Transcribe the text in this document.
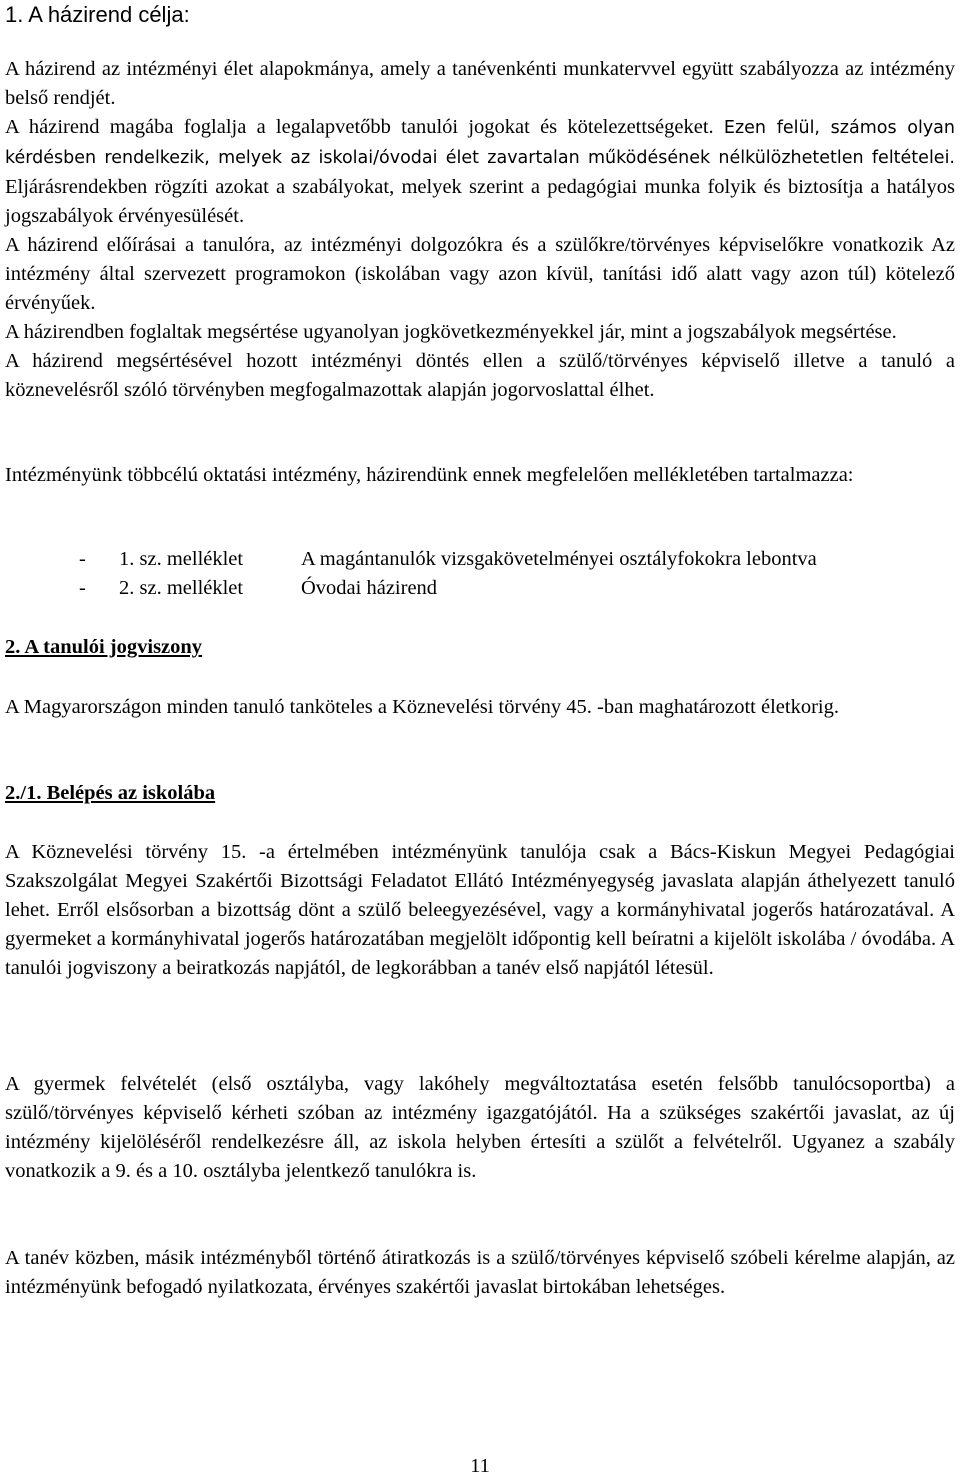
1. A házirend célja:

A házirend az intézményi élet alapokmánya, amely a tanévenkénti munkatervvel együtt szabályozza az intézmény belső rendjét.

A házirend magába foglalja a legalapvetőbb tanulói jogokat és kötelezettségeket. Ezen felül, számos olyan kérdésben rendelkezik, melyek az iskolai/óvodai élet zavartalan működésének nélkülözhetetlen feltételei. Eljárásrendekben rögzíti azokat a szabályokat, melyek szerint a pedagógiai munka folyik és biztosítja a hatályos jogszabályok érvényesülését.

A házirend előírásai a tanulóra, az intézményi dolgozókra és a szülőkre/törvényes képviselőkre vonatkozik Az intézmény által szervezett programokon (iskolában vagy azon kívül, tanítási idő alatt vagy azon túl) kötelező érvényűek.

A házirendben foglaltak megsértése ugyanolyan jogkövetkezményekkel jár, mint a jogszabályok megsértése.

A házirend megsértésével hozott intézményi döntés ellen a szülő/törvényes képviselő illetve a tanuló a köznevelésről szóló törvényben megfogalmazottak alapján jogorvoslattal élhet.

Intézményünk többcélú oktatási intézmény, házirendünk ennek megfelelően mellékletében tartalmazza:

- 1. sz. melléklet	A magántanulók vizsgakövetelményei osztályfokokra lebontva
- 2. sz. melléklet	Óvodai házirend
2. A tanulói jogviszony

A Magyarországon minden tanuló tanköteles a Köznevelési törvény 45. -ban maghatározott életkorig.

2./1. Belépés az iskolába

A Köznevelési törvény 15. -a értelmében intézményünk tanulója csak a Bács-Kiskun Megyei Pedagógiai Szakszolgálat Megyei Szakértői Bizottsági Feladatot Ellátó Intézményegység javaslata alapján áthelyezett tanuló lehet. Erről elsősorban a bizottság dönt a szülő beleegyezésével, vagy a kormányhivatal jogerős határozatával. A gyermeket a kormányhivatal jogerős határozatában megjelölt időpontig kell beíratni a kijelölt iskolába / óvodába. A tanulói jogviszony a beiratkozás napjától, de legkorábban a tanév első napjától létesül.

A gyermek felvételét (első osztályba, vagy lakóhely megváltoztatása esetén felsőbb tanulócsoportba) a szülő/törvényes képviselő kérheti szóban az intézmény igazgatójától. Ha a szükséges szakértői javaslat, az új intézmény kijelöléséről rendelkezésre áll, az iskola helyben értesíti a szülőt a felvételről. Ugyanez a szabály vonatkozik a 9. és a 10. osztályba jelentkező tanulókra is.

A tanév közben, másik intézményből történő átiratkozás is a szülő/törvényes képviselő szóbeli kérelme alapján, az intézményünk befogadó nyilatkozata, érvényes szakértői javaslat birtokában lehetséges.

11
